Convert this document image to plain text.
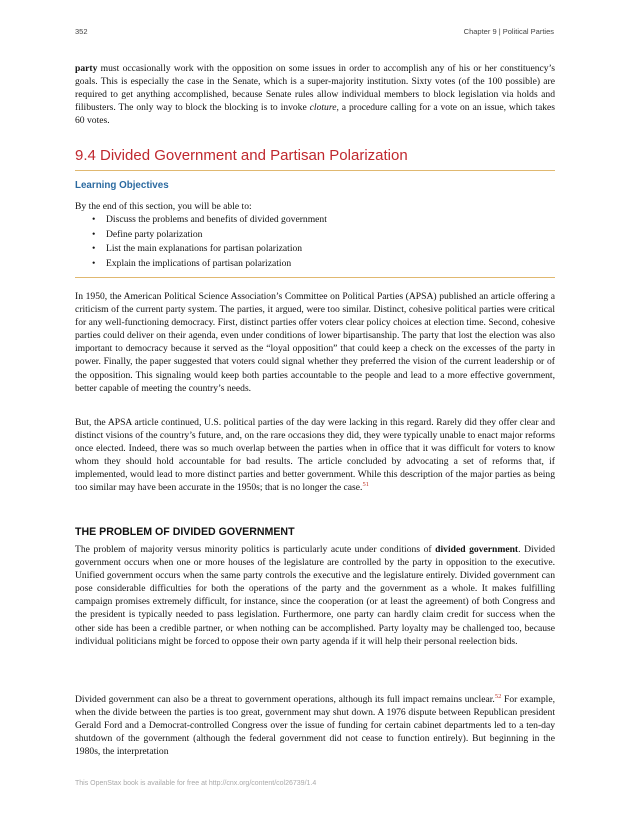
352	Chapter 9 | Political Parties

party must occasionally work with the opposition on some issues in order to accomplish any of his or her constituency’s goals. This is especially the case in the Senate, which is a super-majority institution. Sixty votes (of the 100 possible) are required to get anything accomplished, because Senate rules allow individual members to block legislation via holds and filibusters. The only way to block the blocking is to invoke cloture, a procedure calling for a vote on an issue, which takes 60 votes.

9.4 Divided Government and Partisan Polarization
Learning Objectives
By the end of this section, you will be able to:
• Discuss the problems and benefits of divided government
• Define party polarization
• List the main explanations for partisan polarization
• Explain the implications of partisan polarization
In 1950, the American Political Science Association’s Committee on Political Parties (APSA) published an article offering a criticism of the current party system. The parties, it argued, were too similar. Distinct, cohesive political parties were critical for any well-functioning democracy. First, distinct parties offer voters clear policy choices at election time. Second, cohesive parties could deliver on their agenda, even under conditions of lower bipartisanship. The party that lost the election was also important to democracy because it served as the “loyal opposition” that could keep a check on the excesses of the party in power. Finally, the paper suggested that voters could signal whether they preferred the vision of the current leadership or of the opposition. This signaling would keep both parties accountable to the people and lead to a more effective government, better capable of meeting the country’s needs.

But, the APSA article continued, U.S. political parties of the day were lacking in this regard. Rarely did they offer clear and distinct visions of the country’s future, and, on the rare occasions they did, they were typically unable to enact major reforms once elected. Indeed, there was so much overlap between the parties when in office that it was difficult for voters to know whom they should hold accountable for bad results. The article concluded by advocating a set of reforms that, if implemented, would lead to more distinct parties and better government. While this description of the major parties as being too similar may have been accurate in the 1950s; that is no longer the case.$^{51}$

THE PROBLEM OF DIVIDED GOVERNMENT

The problem of majority versus minority politics is particularly acute under conditions of divided government. Divided government occurs when one or more houses of the legislature are controlled by the party in opposition to the executive. Unified government occurs when the same party controls the executive and the legislature entirely. Divided government can pose considerable difficulties for both the operations of the party and the government as a whole. It makes fulfilling campaign promises extremely difficult, for instance, since the cooperation (or at least the agreement) of both Congress and the president is typically needed to pass legislation. Furthermore, one party can hardly claim credit for success when the other side has been a credible partner, or when nothing can be accomplished. Party loyalty may be challenged too, because individual politicians might be forced to oppose their own party agenda if it will help their personal reelection bids.

Divided government can also be a threat to government operations, although its full impact remains unclear.$^{52}$ For example, when the divide between the parties is too great, government may shut down. A 1976 dispute between Republican president Gerald Ford and a Democrat-controlled Congress over the issue of funding for certain cabinet departments led to a ten-day shutdown of the government (although the federal government did not cease to function entirely). But beginning in the 1980s, the interpretation

This OpenStax book is available for free at http://cnx.org/content/col26739/1.4
